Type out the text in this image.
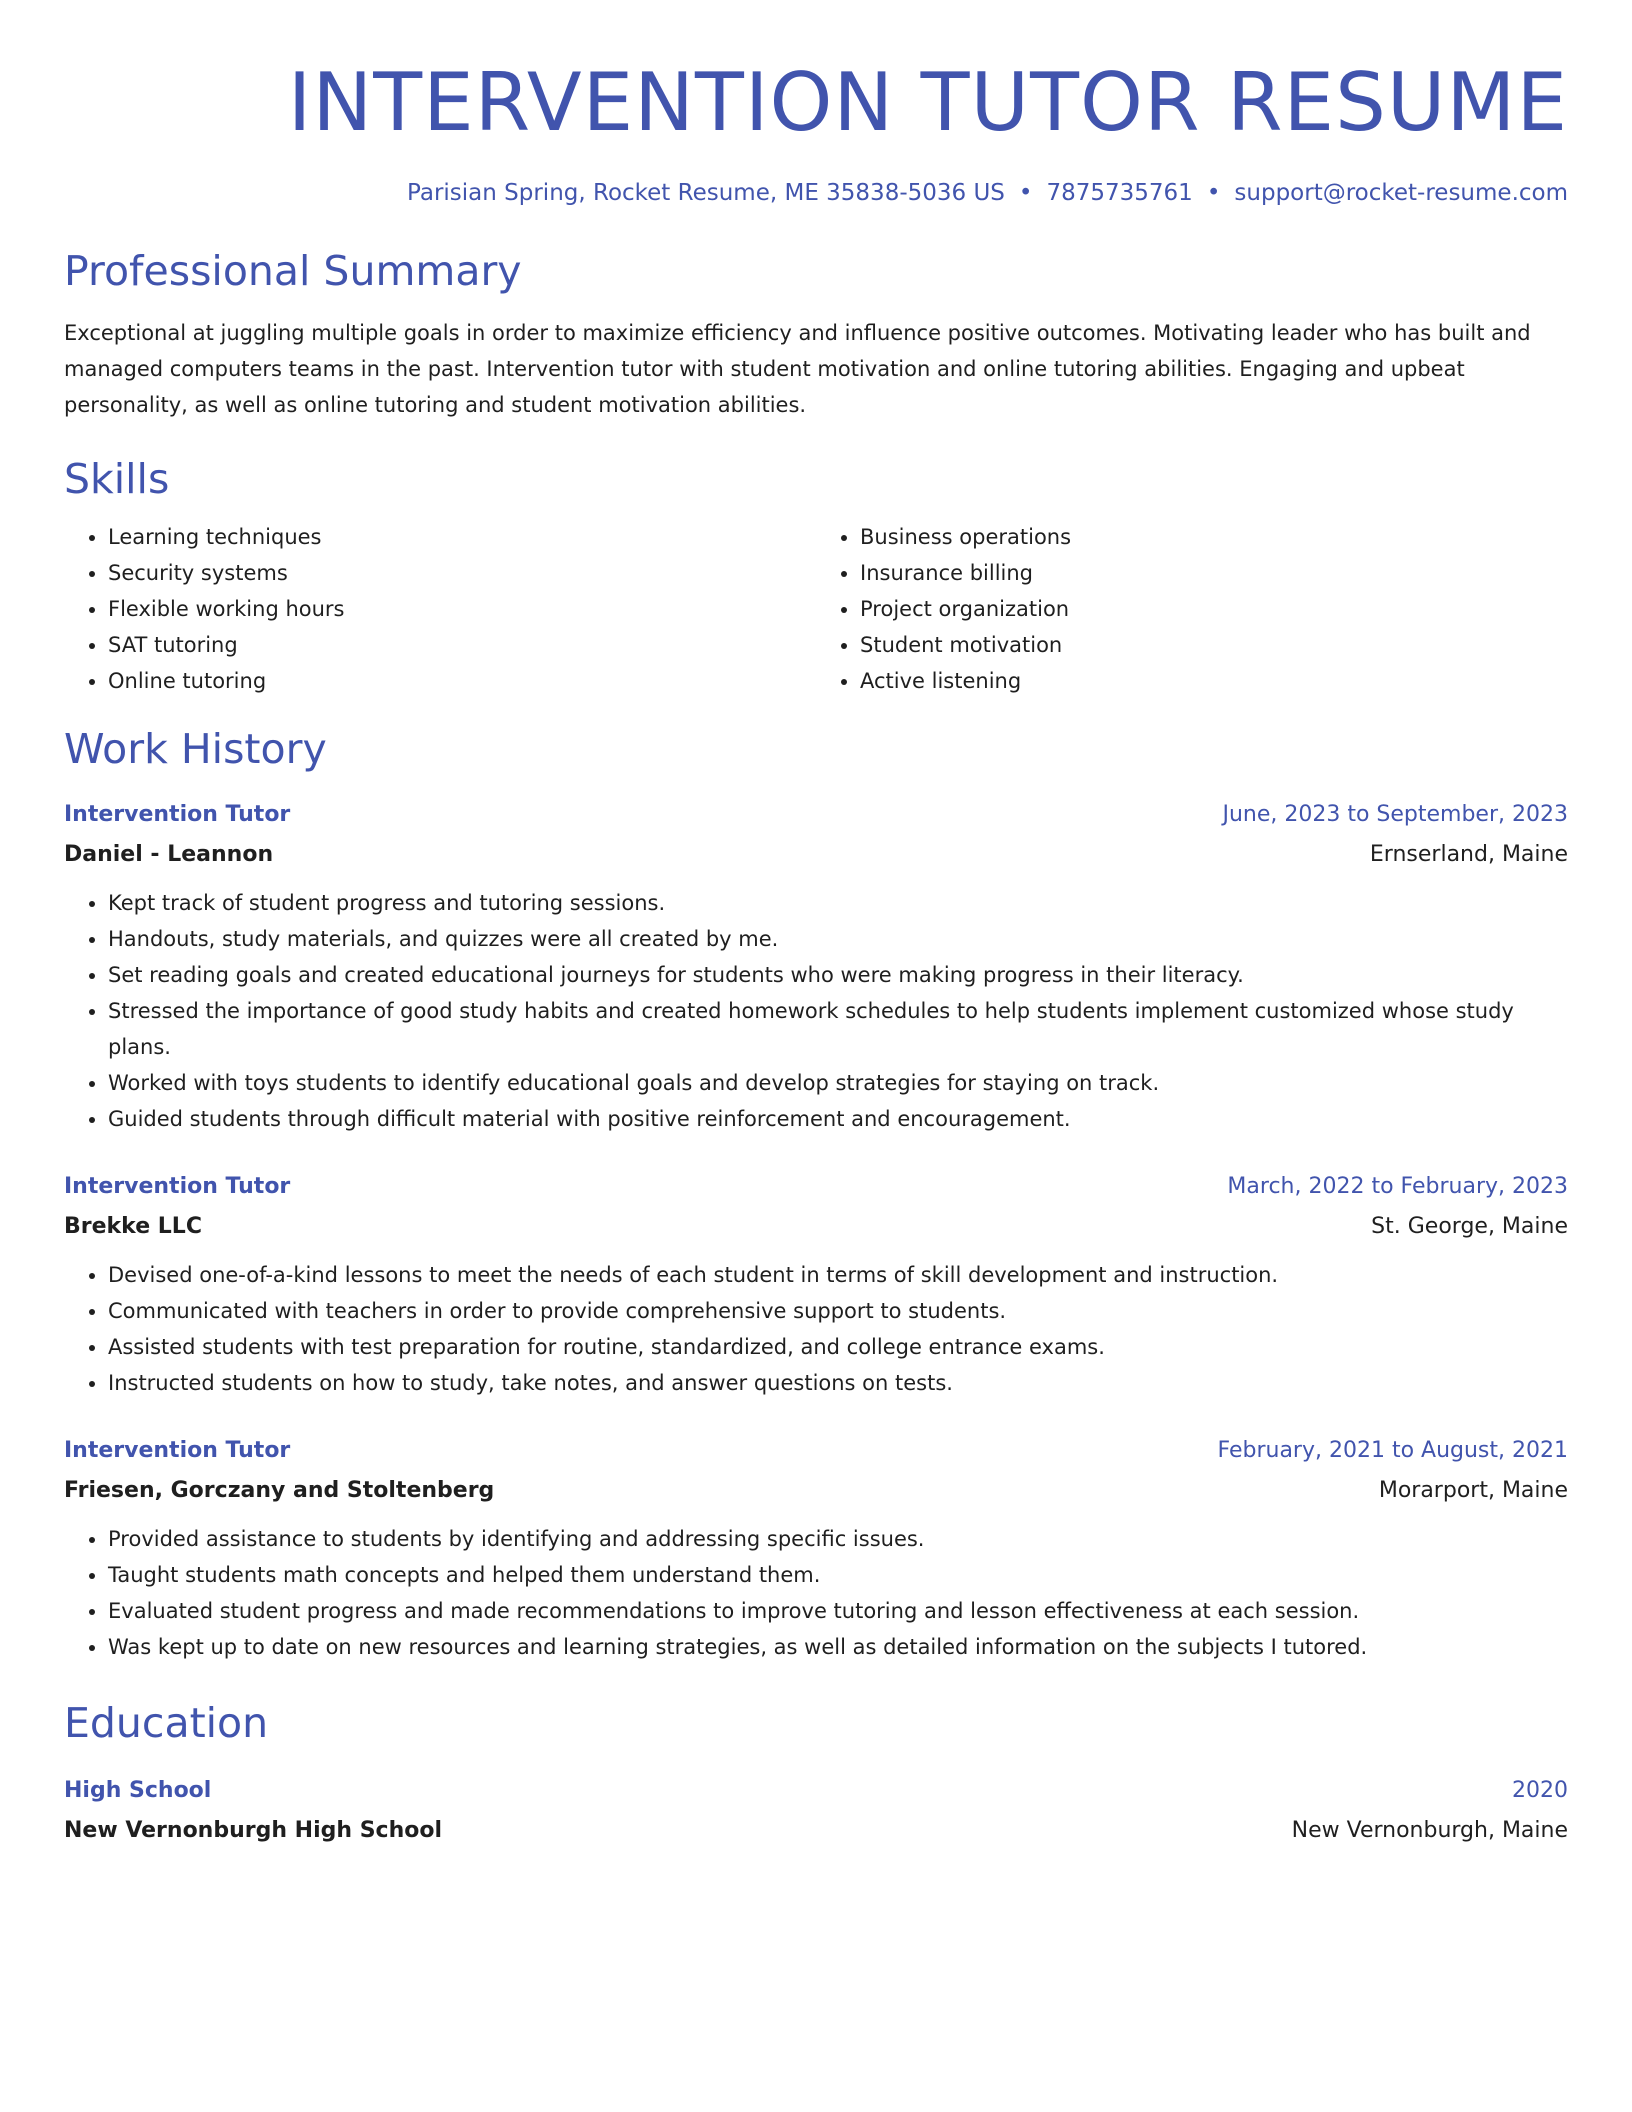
INTERVENTION TUTOR RESUME
Parisian Spring, Rocket Resume, ME 35838-5036 US • 7875735761 • support@rocket-resume.com
Professional Summary
Exceptional at juggling multiple goals in order to maximize efficiency and influence positive outcomes. Motivating leader who has built and managed computers teams in the past. Intervention tutor with student motivation and online tutoring abilities. Engaging and upbeat personality, as well as online tutoring and student motivation abilities.
Skills
• Learning techniques
• Security systems
• Flexible working hours
• SAT tutoring
• Online tutoring
• Business operations
• Insurance billing
• Project organization
• Student motivation
• Active listening
Work History
Intervention Tutor	June, 2023 to September, 2023
Daniel - Leannon	Ernserland, Maine
• Kept track of student progress and tutoring sessions.
• Handouts, study materials, and quizzes were all created by me.
• Set reading goals and created educational journeys for students who were making progress in their literacy.
• Stressed the importance of good study habits and created homework schedules to help students implement customized whose study plans.
• Worked with toys students to identify educational goals and develop strategies for staying on track.
• Guided students through difficult material with positive reinforcement and encouragement.
Intervention Tutor	March, 2022 to February, 2023
Brekke LLC	St. George, Maine
• Devised one-of-a-kind lessons to meet the needs of each student in terms of skill development and instruction.
• Communicated with teachers in order to provide comprehensive support to students.
• Assisted students with test preparation for routine, standardized, and college entrance exams.
• Instructed students on how to study, take notes, and answer questions on tests.
Intervention Tutor	February, 2021 to August, 2021
Friesen, Gorczany and Stoltenberg	Morarport, Maine
• Provided assistance to students by identifying and addressing specific issues.
• Taught students math concepts and helped them understand them.
• Evaluated student progress and made recommendations to improve tutoring and lesson effectiveness at each session.
• Was kept up to date on new resources and learning strategies, as well as detailed information on the subjects I tutored.
Education
High School	2020
New Vernonburgh High School	New Vernonburgh, Maine
